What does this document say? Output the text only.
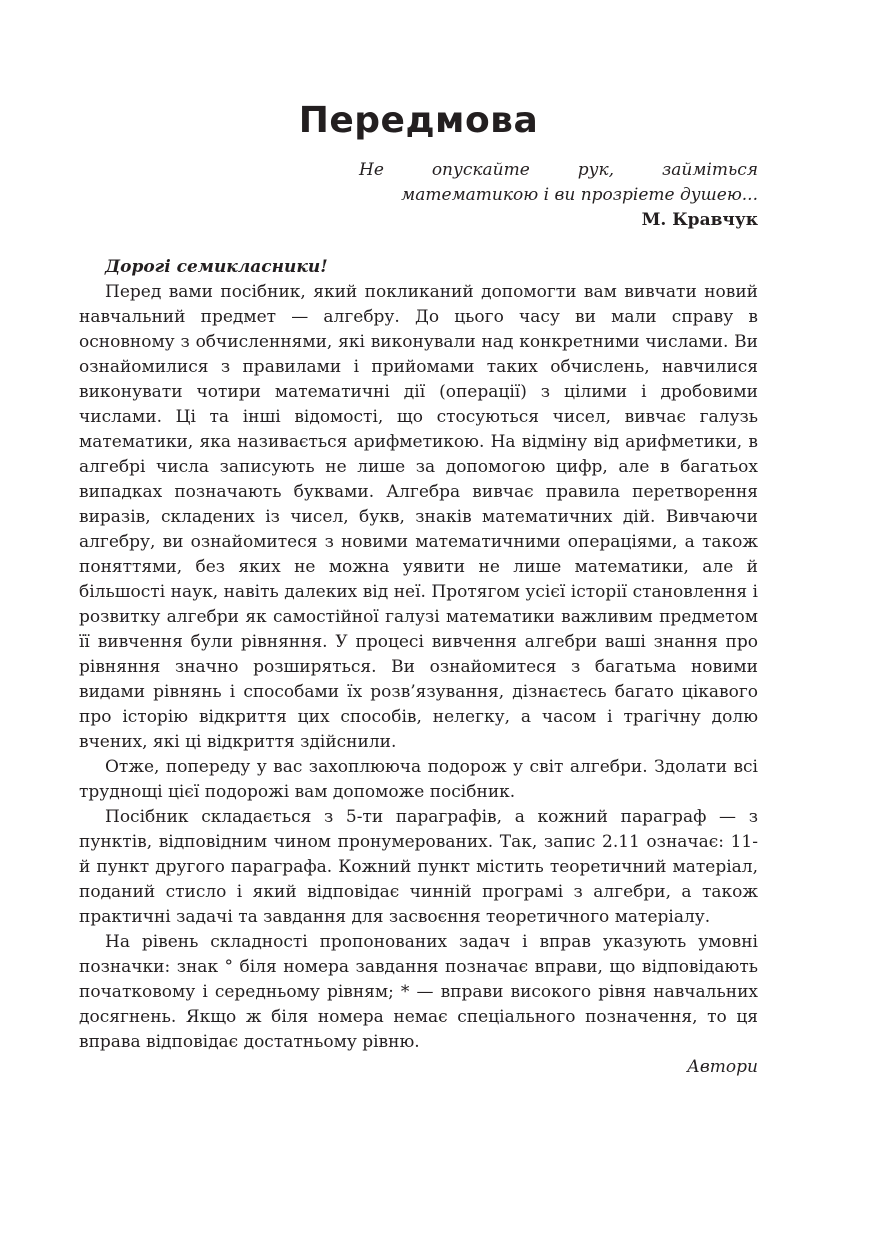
Передмова
Не опускайте рук, займіться математикою і ви прозріете душею...
М. Кравчук

Дорогі семикласники!

Перед вами посібник, який покликаний допомогти вам вивчати новий навчальний предмет — алгебру. До цього часу ви мали справу в основному з обчисленнями, які виконували над конкретними числами. Ви ознайомилися з правилами і прийомами таких обчислень, навчилися виконувати чотири математичні дії (операції) з цілими і дробовими числами. Ці та інші відомості, що стосуються чисел, вивчає галузь математики, яка називається арифметикою. На відміну від арифметики, в алгебрі числа записують не лише за допомогою цифр, але в багатьох випадках позначають буквами. Алгебра вивчає правила перетворення виразів, складених із чисел, букв, знаків математичних дій. Вивчаючи алгебру, ви ознайомитеся з новими математичними операціями, а також поняттями, без яких не можна уявити не лише математики, але й більшості наук, навіть далеких від неї. Протягом усієї історії становлення і розвитку алгебри як самостійної галузі математики важливим предметом її вивчення були рівняння. У процесі вивчення алгебри ваші знання про рівняння значно розширяться. Ви ознайомитеся з багатьма новими видами рівнянь і способами їх розв’язування, дізнаєтесь багато цікавого про історію відкриття цих способів, нелегку, а часом і трагічну долю вчених, які ці відкриття здійснили.

Отже, попереду у вас захоплююча подорож у світ алгебри. Здолати всі труднощі цієї подорожі вам допоможе посібник.

Посібник складається з 5-ти параграфів, а кожний параграф — з пунктів, відповідним чином пронумерованих. Так, запис 2.11 означає: 11-й пункт другого параграфа. Кожний пункт містить теоретичний матеріал, поданий стисло і який відповідає чинній програмі з алгебри, а також практичні задачі та завдання для засвоєння теоретичного матеріалу.

На рівень складності пропонованих задач і вправ указують умовні позначки: знак ° біля номера завдання позначає вправи, що відповідають початковому і середньому рівням; * — вправи високого рівня навчальних досягнень. Якщо ж біля номера немає спеціального позначення, то ця вправа відповідає достатньому рівню.

Автори
